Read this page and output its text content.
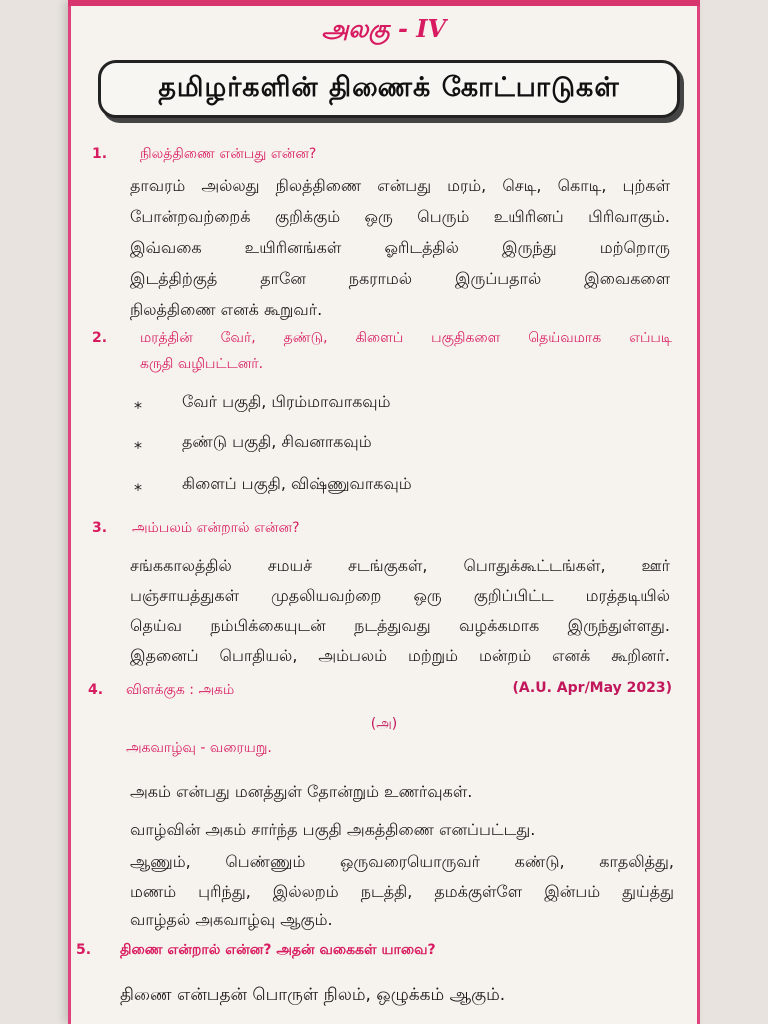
அலகு - IV
தமிழர்களின் திணைக் கோட்பாடுகள்
1. நிலத்திணை என்பது என்ன?
தாவரம் அல்லது நிலத்திணை என்பது மரம், செடி, கொடி, புற்கள்
போன்றவற்றைக் குறிக்கும் ஒரு பெரும் உயிரினப் பிரிவாகும்.
இவ்வகை உயிரினங்கள் ஓரிடத்தில் இருந்து மற்றொரு
இடத்திற்குத் தானே நகராமல் இருப்பதால் இவைகளை
நிலத்திணை எனக் கூறுவர்.
2. மரத்தின் வேர், தண்டு, கிளைப் பகுதிகளை தெய்வமாக எப்படி
கருதி வழிபட்டனர்.
*	வேர் பகுதி, பிரம்மாவாகவும்
*	தண்டு பகுதி, சிவனாகவும்
*	கிளைப் பகுதி, விஷ்ணுவாகவும்
3. அம்பலம் என்றால் என்ன?
சங்ககாலத்தில் சமயச் சடங்குகள், பொதுக்கூட்டங்கள், ஊர்
பஞ்சாயத்துகள் முதலியவற்றை ஒரு குறிப்பிட்ட மரத்தடியில்
தெய்வ நம்பிக்கையுடன் நடத்துவது வழக்கமாக இருந்துள்ளது.
இதனைப் பொதியல், அம்பலம் மற்றும் மன்றம் எனக் கூறினர்.
4. விளக்குக : அகம்	(A.U. Apr/May 2023)
(அ)
அகவாழ்வு - வரையறு.
அகம் என்பது மனத்துள் தோன்றும் உணர்வுகள்.
வாழ்வின் அகம் சார்ந்த பகுதி அகத்திணை எனப்பட்டது.
ஆணும், பெண்ணும் ஒருவரையொருவர் கண்டு, காதலித்து,
மணம் புரிந்து, இல்லறம் நடத்தி, தமக்குள்ளே இன்பம் துய்த்து
வாழ்தல் அகவாழ்வு ஆகும்.
5. திணை என்றால் என்ன? அதன் வகைகள் யாவை?
திணை என்பதன் பொருள் நிலம், ஒழுக்கம் ஆகும்.
